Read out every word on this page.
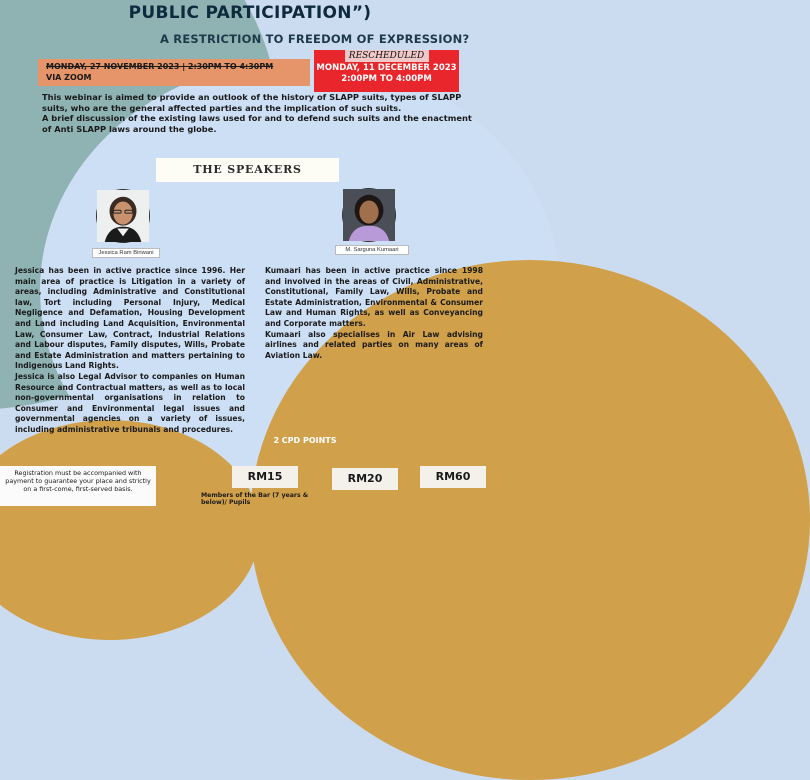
PUBLIC PARTICIPATION”)
A RESTRICTION TO FREEDOM OF EXPRESSION?
MONDAY, 27 NOVEMBER 2023 | 2:30PM TO 4:30PM
VIA ZOOM
RESCHEDULED
MONDAY, 11 DECEMBER 2023
2:00PM TO 4:00PM

This webinar is aimed to provide an outlook of the history of SLAPP suits, types of SLAPP suits, who are the general affected parties and the implication of such suits.

A brief discussion of the existing laws used for and to defend such suits and the enactment of Anti SLAPP laws around the globe.

THE SPEAKERS
Jessica Ram Binwani	M. Sarguna Kumaari

Jessica has been in active practice since 1996. Her main area of practice is Litigation in a variety of areas, including Administrative and Constitutional law, Tort including Personal Injury, Medical Negligence and Defamation, Housing Development and Land including Land Acquisition, Environmental Law, Consumer Law, Contract, Industrial Relations and Labour disputes, Family disputes, Wills, Probate and Estate Administration and matters pertaining to Indigenous Land Rights.

Jessica is also Legal Advisor to companies on Human Resource and Contractual matters, as well as to local non-governmental organisations in relation to Consumer and Environmental legal issues and governmental agencies on a variety of issues, including administrative tribunals and procedures.

Kumaari has been in active practice since 1998 and involved in the areas of Civil, Administrative, Constitutional, Family Law, Wills, Probate and Estate Administration, Environmental & Consumer Law and Human Rights, as well as Conveyancing and Corporate matters.

Kumaari also specialises in Air Law advising airlines and related parties on many areas of Aviation Law.

2 CPD POINTS
Registration must be accompanied with payment to guarantee your place and strictly on a first-come, first-served basis.
RM15	RM20	RM60
Members of the Bar (7 years & below)/ Pupils
